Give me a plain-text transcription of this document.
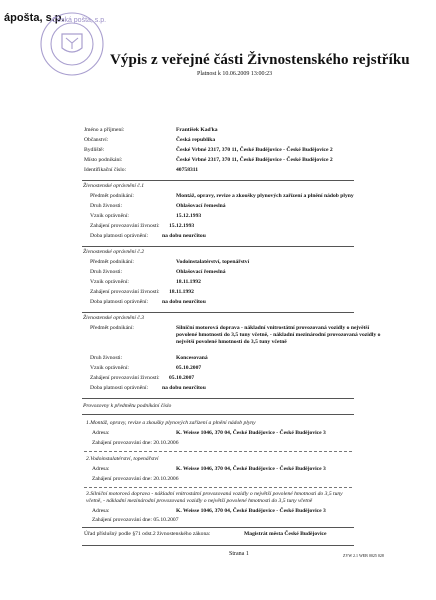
ápošta, s.p.
Česká pošta, s.p.
Výpis z veřejné části Živnostenského rejstříku
Platnost k 10.06.2009 13:00:23
Jméno a příjmení:	František Kaďka
Občanství:	Česká republika
Bydliště:	České Vrbné 2317, 370 11, České Budějovice - České Budějovice 2
Místo podnikání:	České Vrbné 2317, 370 11, České Budějovice - České Budějovice 2
Identifikační číslo:	40758311
Živnostenské oprávnění č.1
Předmět podnikání:	Montáž, opravy, revize a zkoušky plynových zařízení a plnění nádob plyny
Druh živnosti:	Ohlašovací řemeslná
Vznik oprávnění:	15.12.1993
Zahájení provozování živnosti: 15.12.1993
Doba platnosti oprávnění: na dobu neurčitou
Živnostenské oprávnění č.2
Předmět podnikání:	Vodoinstalatérství, topenářství
Druh živnosti:	Ohlašovací řemeslná
Vznik oprávnění:	18.11.1992
Zahájení provozování živnosti: 18.11.1992
Doba platnosti oprávnění: na dobu neurčitou
Živnostenské oprávnění č.3
Předmět podnikání:	Silniční motorová doprava - nákladní vnitrostátní provozovaná vozidly o největší povolené hmotnosti do 3,5 tuny včetně, - nákladní mezinárodní provozovaná vozidly o největší povolené hmotnosti do 3,5 tuny včetně
Druh živnosti:	Koncesovaná
Vznik oprávnění:	05.10.2007
Zahájení provozování živnosti: 05.10.2007
Doba platnosti oprávnění: na dobu neurčitou
Provozovny k předmětu podnikání číslo
1.Montáž, opravy, revize a zkoušky plynových zařízení a plnění nádob plyny
Adresa:	K. Weisse 1046, 370 04, České Budějovice - České Budějovice 3
Zahájení provozování dne: 20.10.2006
2.Vodoinstalatérství, topenářství
Adresa:	K. Weisse 1046, 370 04, České Budějovice - České Budějovice 3
Zahájení provozování dne: 20.10.2006
3.Silniční motorová doprava - nákladní vnitrostátní provozovaná vozidly o největší povolené hmotnosti do 3,5 tuny včetně, - nákladní mezinárodní provozovaná vozidly o největší povolené hmotnosti do 3,5 tuny včetně
Adresa:	K. Weisse 1046, 370 04, České Budějovice - České Budějovice 3
Zahájení provozování dne: 05.10.2007
Úřad příslušný podle §71 odst.2 živnostenského zákona:	Magistrát města České Budějovice
Strana 1	ZVW 2.1 WEB 0025 028
